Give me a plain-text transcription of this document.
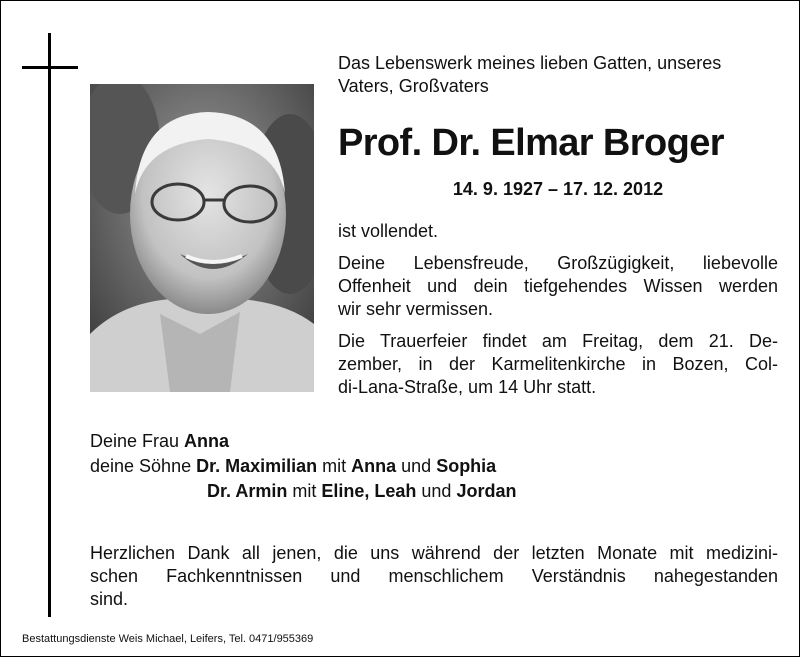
Das Lebenswerk meines lieben Gatten, unseres
Vaters, Großvaters
Prof. Dr. Elmar Broger
14. 9. 1927 – 17. 12. 2012
ist vollendet.
Deine Lebensfreude, Großzügigkeit, liebevolle
Offenheit und dein tiefgehendes Wissen werden
wir sehr vermissen.
Die Trauerfeier findet am Freitag, dem 21. De-
zember, in der Karmelitenkirche in Bozen, Col-
di-Lana-Straße, um 14 Uhr statt.
Deine Frau Anna
deine Söhne Dr. Maximilian mit Anna und Sophia
Dr. Armin mit Eline, Leah und Jordan
Herzlichen Dank all jenen, die uns während der letzten Monate mit medizini-
schen Fachkenntnissen und menschlichem Verständnis nahegestanden
sind.
Bestattungsdienste Weis Michael, Leifers, Tel. 0471/955369
